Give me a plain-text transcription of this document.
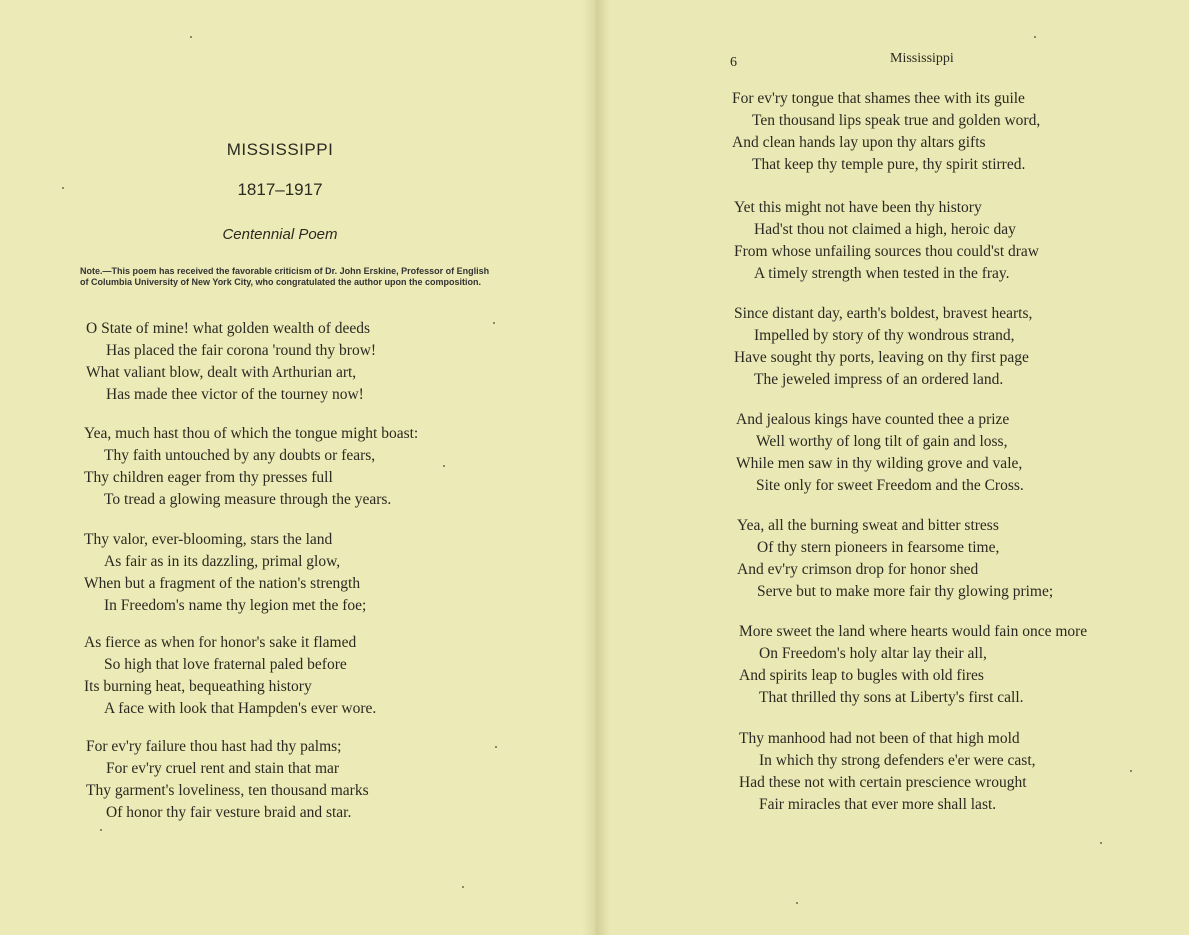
MISSISSIPPI
1817–1917
Centennial Poem
Note.—This poem has received the favorable criticism of Dr. John Erskine, Professor of English of Columbia University of New York City, who congratulated the author upon the composition.
O State of mine! what golden wealth of deeds
Has placed the fair corona 'round thy brow!
What valiant blow, dealt with Arthurian art,
Has made thee victor of the tourney now!
Yea, much hast thou of which the tongue might boast:
Thy faith untouched by any doubts or fears,
Thy children eager from thy presses full
To tread a glowing measure through the years.
Thy valor, ever-blooming, stars the land
As fair as in its dazzling, primal glow,
When but a fragment of the nation's strength
In Freedom's name thy legion met the foe;
As fierce as when for honor's sake it flamed
So high that love fraternal paled before
Its burning heat, bequeathing history
A face with look that Hampden's ever wore.
For ev'ry failure thou hast had thy palms;
For ev'ry cruel rent and stain that mar
Thy garment's loveliness, ten thousand marks
Of honor thy fair vesture braid and star.
6	Mississippi
For ev'ry tongue that shames thee with its guile
Ten thousand lips speak true and golden word,
And clean hands lay upon thy altars gifts
That keep thy temple pure, thy spirit stirred.
Yet this might not have been thy history
Had'st thou not claimed a high, heroic day
From whose unfailing sources thou could'st draw
A timely strength when tested in the fray.
Since distant day, earth's boldest, bravest hearts,
Impelled by story of thy wondrous strand,
Have sought thy ports, leaving on thy first page
The jeweled impress of an ordered land.
And jealous kings have counted thee a prize
Well worthy of long tilt of gain and loss,
While men saw in thy wilding grove and vale,
Site only for sweet Freedom and the Cross.
Yea, all the burning sweat and bitter stress
Of thy stern pioneers in fearsome time,
And ev'ry crimson drop for honor shed
Serve but to make more fair thy glowing prime;
More sweet the land where hearts would fain once more
On Freedom's holy altar lay their all,
And spirits leap to bugles with old fires
That thrilled thy sons at Liberty's first call.
Thy manhood had not been of that high mold
In which thy strong defenders e'er were cast,
Had these not with certain prescience wrought
Fair miracles that ever more shall last.
